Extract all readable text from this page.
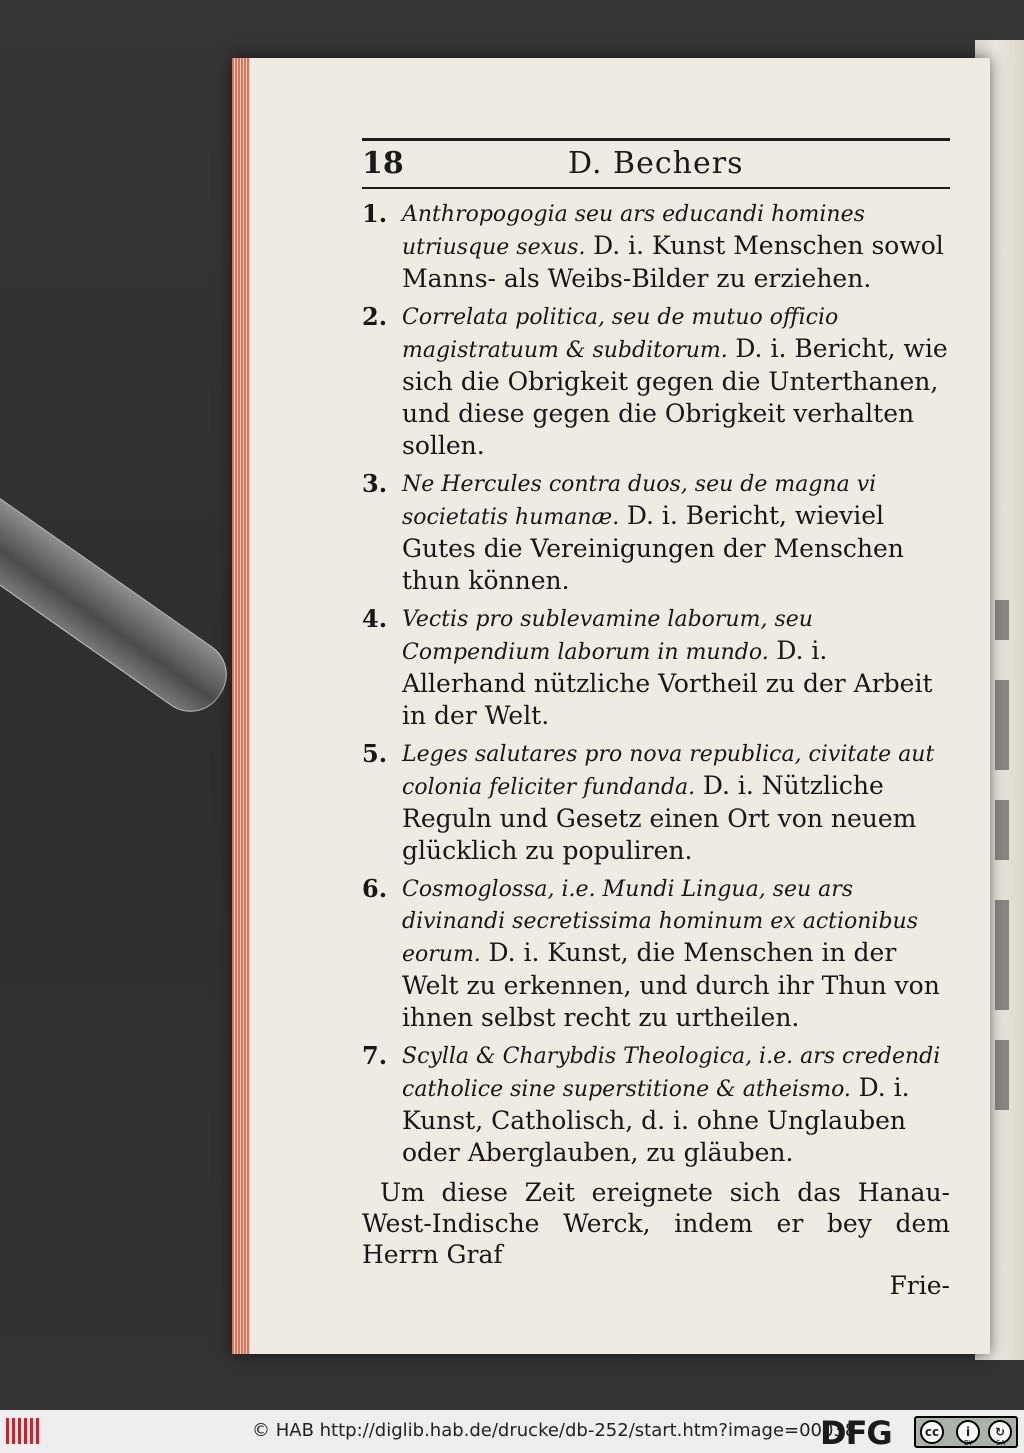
18	D. Bechers
1. Anthropogogia seu ars educandi homines utriusque sexus. D. i. Kunst Menschen sowol Manns- als Weibs-Bilder zu erziehen.
2. Correlata politica, seu de mutuo officio magistratuum & subditorum. D. i. Bericht, wie sich die Obrigkeit gegen die Unterthanen, und diese gegen die Obrigkeit verhalten sollen.
3. Ne Hercules contra duos, seu de magna vi societatis humanæ. D. i. Bericht, wieviel Gutes die Vereinigungen der Menschen thun können.
4. Vectis pro sublevamine laborum, seu Compendium laborum in mundo. D. i. Allerhand nützliche Vortheil zu der Arbeit in der Welt.
5. Leges salutares pro nova republica, civitate aut colonia feliciter fundanda. D. i. Nützliche Reguln und Gesetz einen Ort von neuem glücklich zu populiren.
6. Cosmoglossa, i.e. Mundi Lingua, seu ars divinandi secretissima hominum ex actionibus eorum. D. i. Kunst, die Menschen in der Welt zu erkennen, und durch ihr Thun von ihnen selbst recht zu urtheilen.
7. Scylla & Charybdis Theologica, i.e. ars credendi catholice sine superstitione & atheismo. D. i. Kunst, Catholisch, d. i. ohne Unglauben oder Aberglauben, zu gläuben.
Um diese Zeit ereignete sich das Hanau-West-Indische Werck, indem er bey dem Herrn Graf
Frie-
© HAB http://diglib.hab.de/drucke/db-252/start.htm?image=00038
DFG	cc	i	↻
BY	SA
